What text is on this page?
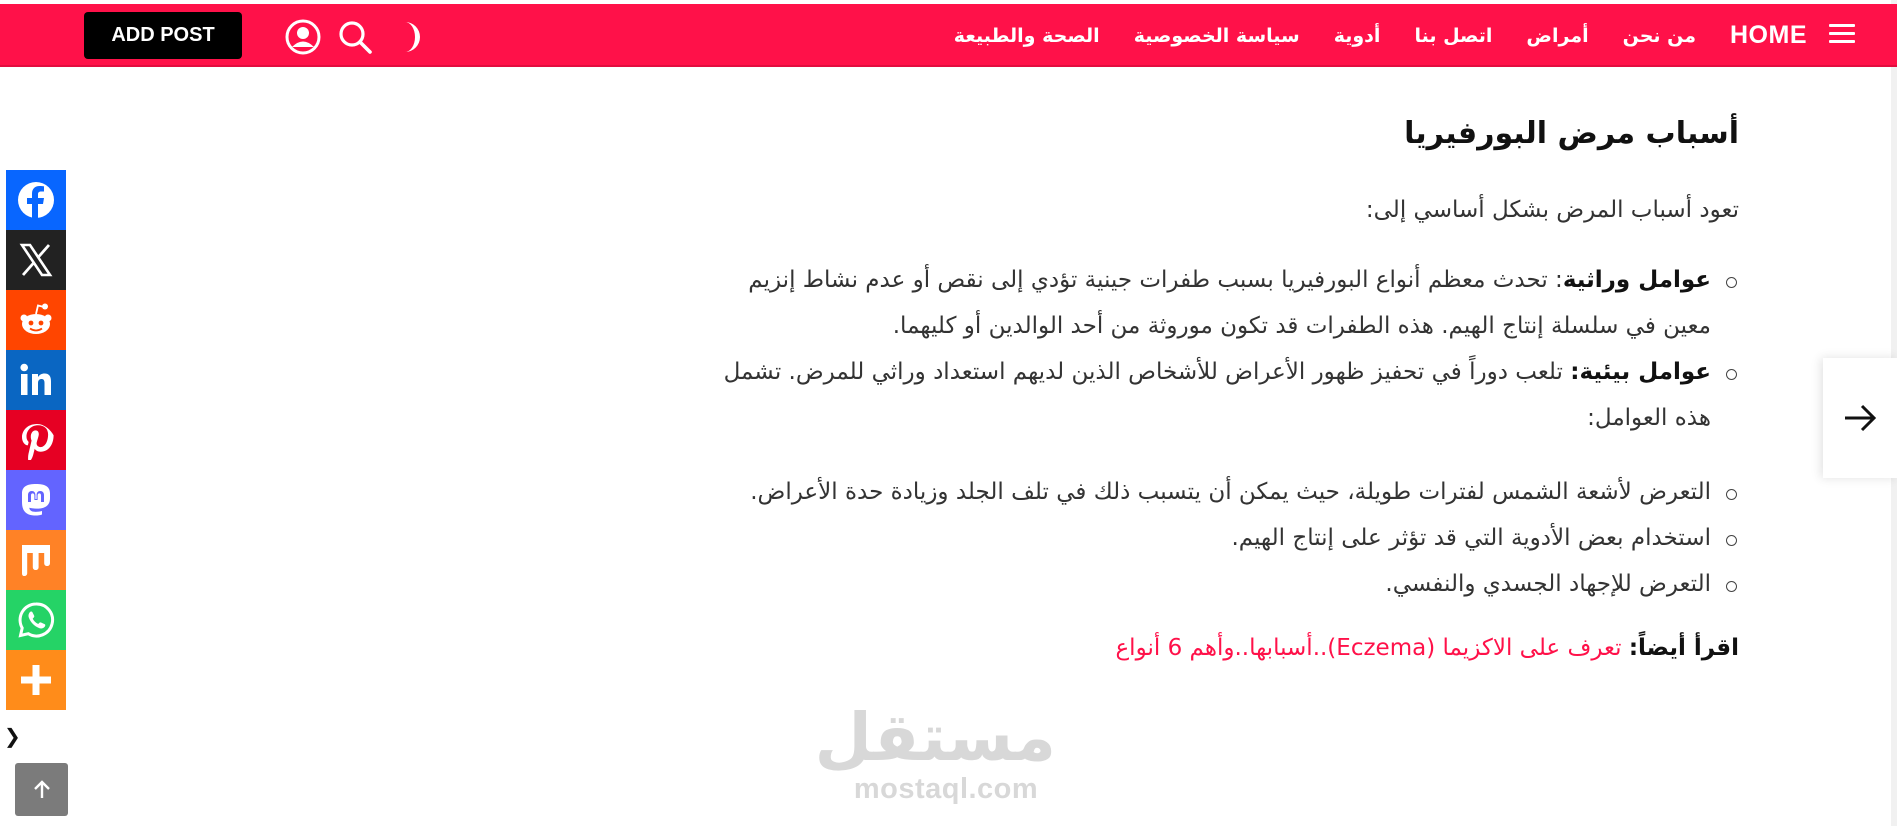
ADD POST	HOME
من نحن
أمراض
اتصل بنا
أدوية
سياسة الخصوصية
الصحة والطبيعة
أسباب مرض البورفيريا

تعود أسباب المرض بشكل أساسي إلى:

عوامل وراثية: تحدث معظم أنواع البورفيريا بسبب طفرات جينية تؤدي إلى نقص أو عدم نشاط إنزيم معين في سلسلة إنتاج الهيم. هذه الطفرات قد تكون موروثة من أحد الوالدين أو كليهما.
عوامل بيئية: تلعب دوراً في تحفيز ظهور الأعراض للأشخاص الذين لديهم استعداد وراثي للمرض. تشمل هذه العوامل:
التعرض لأشعة الشمس لفترات طويلة، حيث يمكن أن يتسبب ذلك في تلف الجلد وزيادة حدة الأعراض.
استخدام بعض الأدوية التي قد تؤثر على إنتاج الهيم.
التعرض للإجهاد الجسدي والنفسي.

اقرأ أيضاً: تعرف على الاكزيما (Eczema)..أسبابها..وأهم 6 أنواع

مستقل
mostaql.com
❯
